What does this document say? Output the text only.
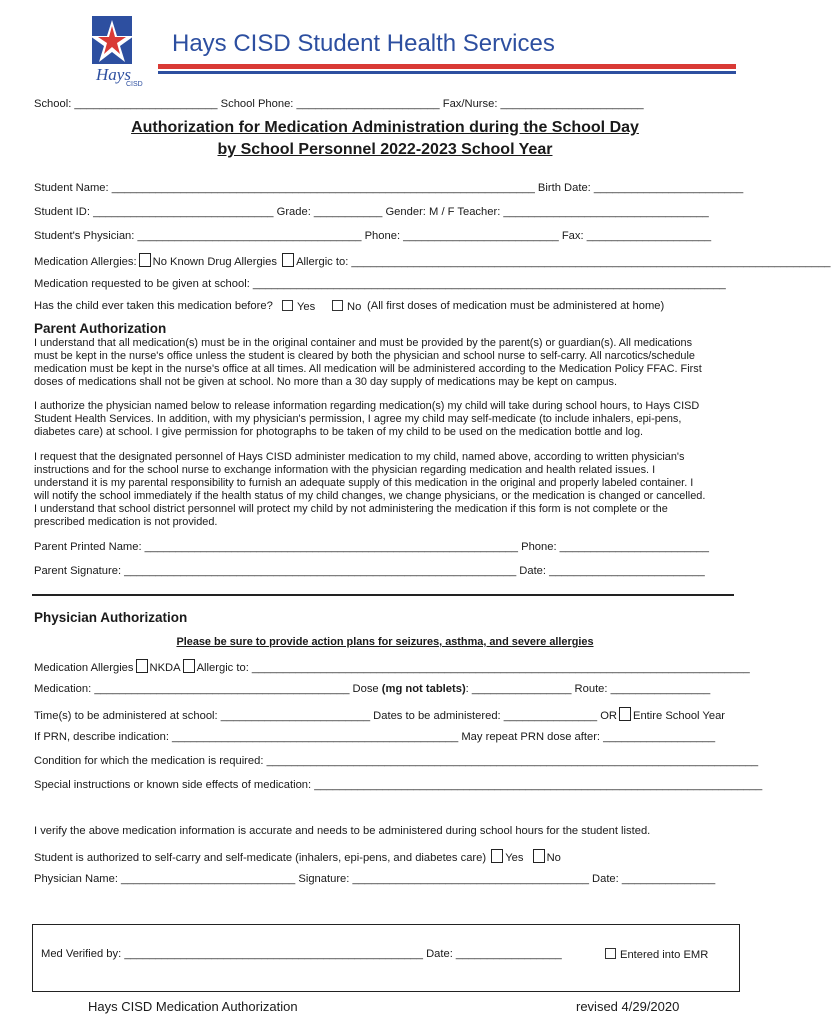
Hays
CISD
Hays CISD Student Health Services
School: _______________________ School Phone: _______________________ Fax/Nurse: _______________________
Authorization for Medication Administration during the School Day
by School Personnel 2022-2023 School Year
Student Name: ____________________________________________________________________ Birth Date: ________________________
Student ID: _____________________________ Grade: ___________ Gender: M / F Teacher: _________________________________
Student's Physician: ____________________________________ Phone: _________________________ Fax: ____________________
Medication Allergies: No Known Drug Allergies Allergic to: _____________________________________________________________________________
Medication requested to be given at school: ____________________________________________________________________________
Has the child ever taken this medication before?	Yes	No (All first doses of medication must be administered at home)
Parent Authorization
I understand that all medication(s) must be in the original container and must be provided by the parent(s) or guardian(s). All medications
must be kept in the nurse's office unless the student is cleared by both the physician and school nurse to self-carry. All narcotics/schedule
medication must be kept in the nurse's office at all times. All medication will be administered according to the Medication Policy FFAC. First
doses of medications shall not be given at school. No more than a 30 day supply of medications may be kept on campus.
I authorize the physician named below to release information regarding medication(s) my child will take during school hours, to Hays CISD
Student Health Services. In addition, with my physician's permission, I agree my child may self-medicate (to include inhalers, epi-pens,
diabetes care) at school. I give permission for photographs to be taken of my child to be used on the medication bottle and log.
I request that the designated personnel of Hays CISD administer medication to my child, named above, according to written physician's
instructions and for the school nurse to exchange information with the physician regarding medication and health related issues. I
understand it is my parental responsibility to furnish an adequate supply of this medication in the original and properly labeled container. I
will notify the school immediately if the health status of my child changes, we change physicians, or the medication is changed or cancelled.
I understand that school district personnel will protect my child by not administering the medication if this form is not complete or the
prescribed medication is not provided.
Parent Printed Name: ____________________________________________________________ Phone: ________________________
Parent Signature: _______________________________________________________________ Date: _________________________
Physician Authorization
Please be sure to provide action plans for seizures, asthma, and severe allergies
Medication Allergies NKDA Allergic to: ________________________________________________________________________________
Medication: _________________________________________ Dose (mg not tablets): ________________ Route: ________________
Time(s) to be administered at school: ________________________ Dates to be administered: _______________ OR Entire School Year
If PRN, describe indication: ______________________________________________ May repeat PRN dose after: __________________
Condition for which the medication is required: _______________________________________________________________________________
Special instructions or known side effects of medication: ________________________________________________________________________
I verify the above medication information is accurate and needs to be administered during school hours for the student listed.
Student is authorized to self-carry and self-medicate (inhalers, epi-pens, and diabetes care) Yes No
Physician Name: ____________________________ Signature: ______________________________________ Date: _______________
Med Verified by: ________________________________________________ Date: _________________	Entered into EMR
Hays CISD Medication Authorization	revised 4/29/2020
